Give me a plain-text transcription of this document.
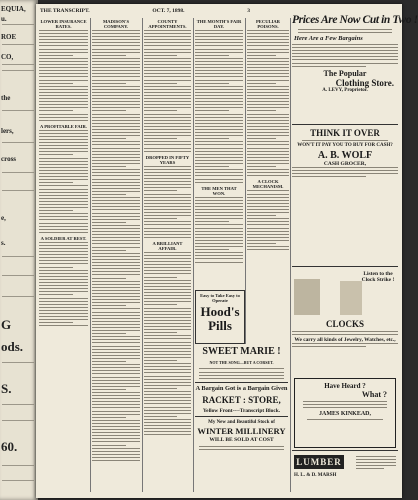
EQUIA,
u.
ROE
CO,
the
lers,
cross
e,
s.
G
ods.
S.
60.
THE TRANSCRIPT.	OCT. 7, 1898.	3
LOWER INSURANCE RATES.
A PROFITABLE FAIR.
A SOLDIER AT REST.
MADISON'S COMPANY.
COUNTY APPOINTMENTS.
DROPPED IN FIFTY YEARS
A BRILLIANT AFFAIR.
THE MONTH'S FAIR DAY.
THE MEN THAT WON.
PECULIAR POISONS.
A CLOCK MECHANISM.
Easy to Take Easy to Operate
Hood's Pills
SWEET MARIE !
NOT THE SONG—BUT A CORSET.
A Bargain Got is a Bargain Given
RACKET : STORE,
Yellow Front----Transcript Block.
My New and Beautiful Stock of
WINTER MILLINERY
WILL BE SOLD AT COST
Prices Are Now Cut in Two !
Here Are a Few Bargains
The Popular
Clothing Store.
A. LEVY, Proprietor.
THINK IT OVER
WON'T IT PAY YOU TO BUY FOR CASH?
A. B. WOLF
CASH GROCER,
Listen to the Clock Strike !
CLOCKS
We carry all kinds of Jewelry, Watches, etc.,
Have Heard ?
What ?
JAMES KINKEAD,
LUMBER
H. L. & D. MARSH
